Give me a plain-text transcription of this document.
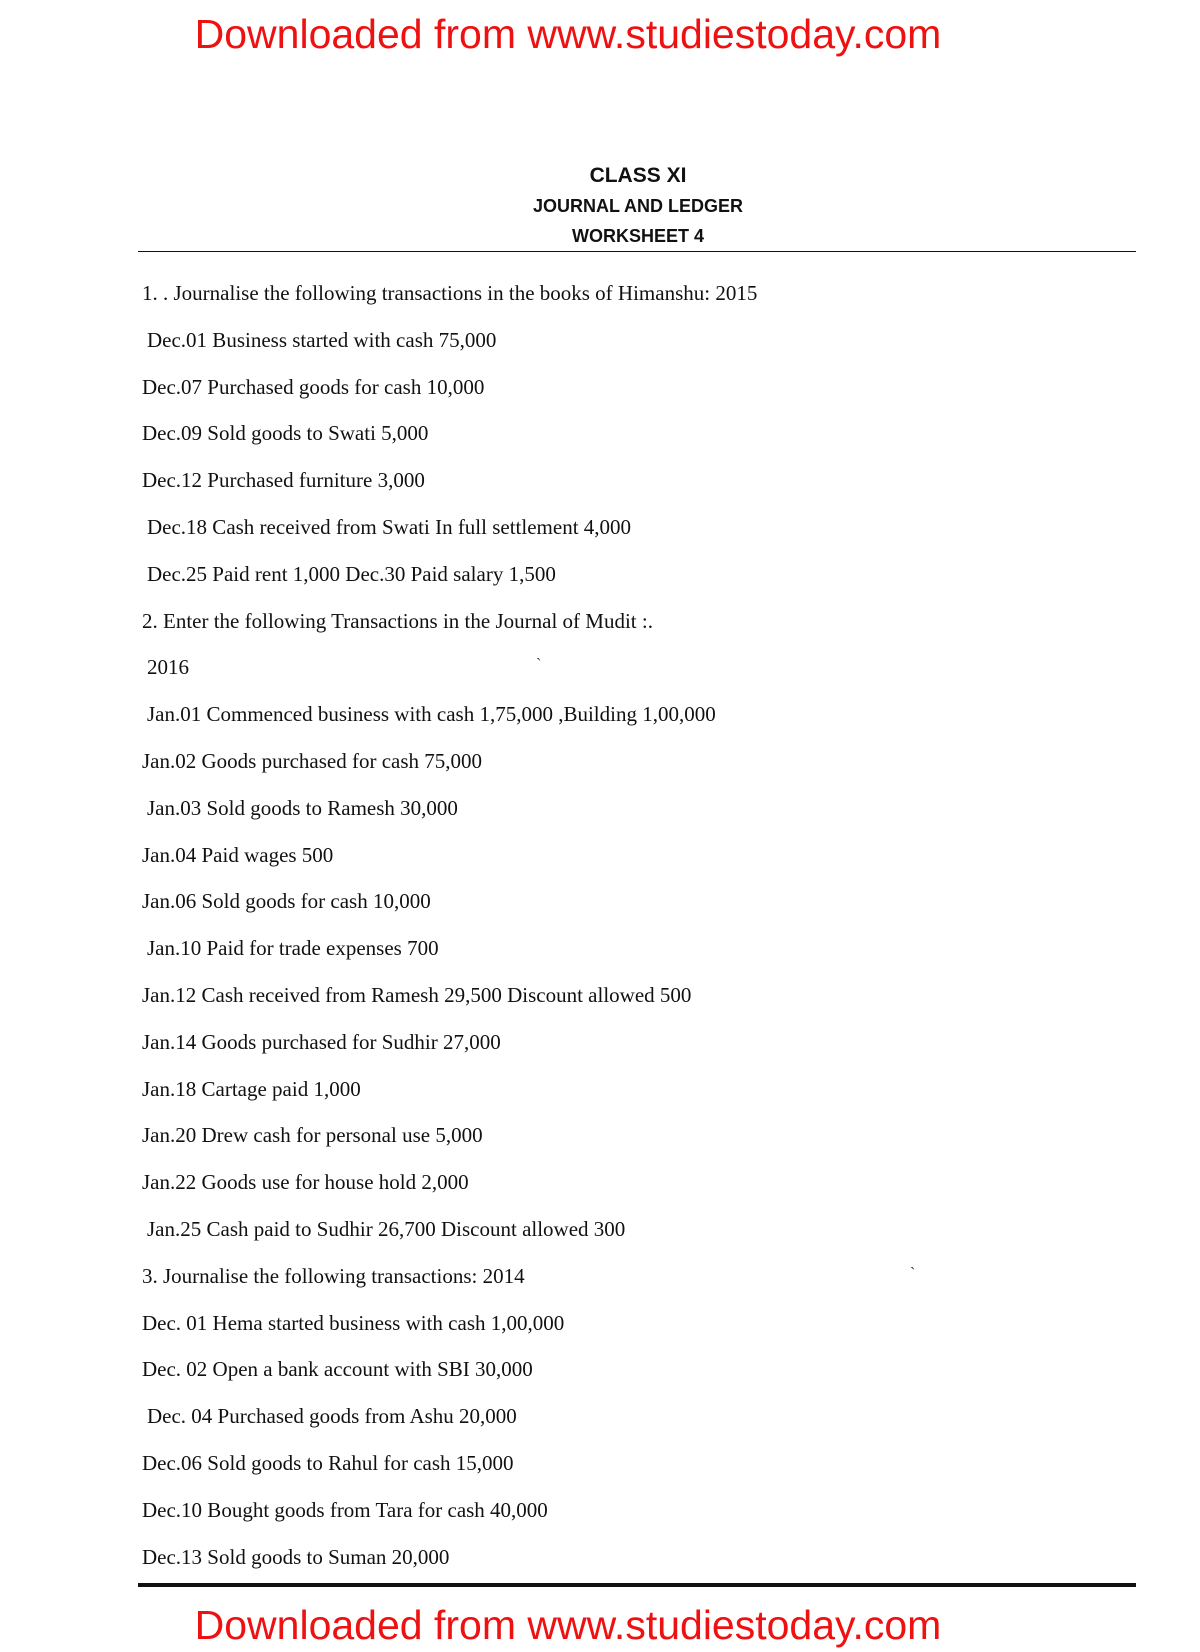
Downloaded from www.studiestoday.com
CLASS XI
JOURNAL AND LEDGER
WORKSHEET 4
1. . Journalise the following transactions in the books of Himanshu: 2015
Dec.01 Business started with cash 75,000
Dec.07 Purchased goods for cash 10,000
Dec.09 Sold goods to Swati 5,000
Dec.12 Purchased furniture 3,000
Dec.18 Cash received from Swati In full settlement 4,000
Dec.25 Paid rent 1,000 Dec.30 Paid salary 1,500
2. Enter the following Transactions in the Journal of Mudit :.
2016
Jan.01 Commenced business with cash 1,75,000 ,Building 1,00,000
Jan.02 Goods purchased for cash 75,000
Jan.03 Sold goods to Ramesh 30,000
Jan.04 Paid wages 500
Jan.06 Sold goods for cash 10,000
Jan.10 Paid for trade expenses 700
Jan.12 Cash received from Ramesh 29,500 Discount allowed 500
Jan.14 Goods purchased for Sudhir 27,000
Jan.18 Cartage paid 1,000
Jan.20 Drew cash for personal use 5,000
Jan.22 Goods use for house hold 2,000
Jan.25 Cash paid to Sudhir 26,700 Discount allowed 300
3. Journalise the following transactions: 2014
Dec. 01 Hema started business with cash 1,00,000
Dec. 02 Open a bank account with SBI 30,000
Dec. 04 Purchased goods from Ashu 20,000
Dec.06 Sold goods to Rahul for cash 15,000
Dec.10 Bought goods from Tara for cash 40,000
Dec.13 Sold goods to Suman 20,000
`
`
Downloaded from www.studiestoday.com
